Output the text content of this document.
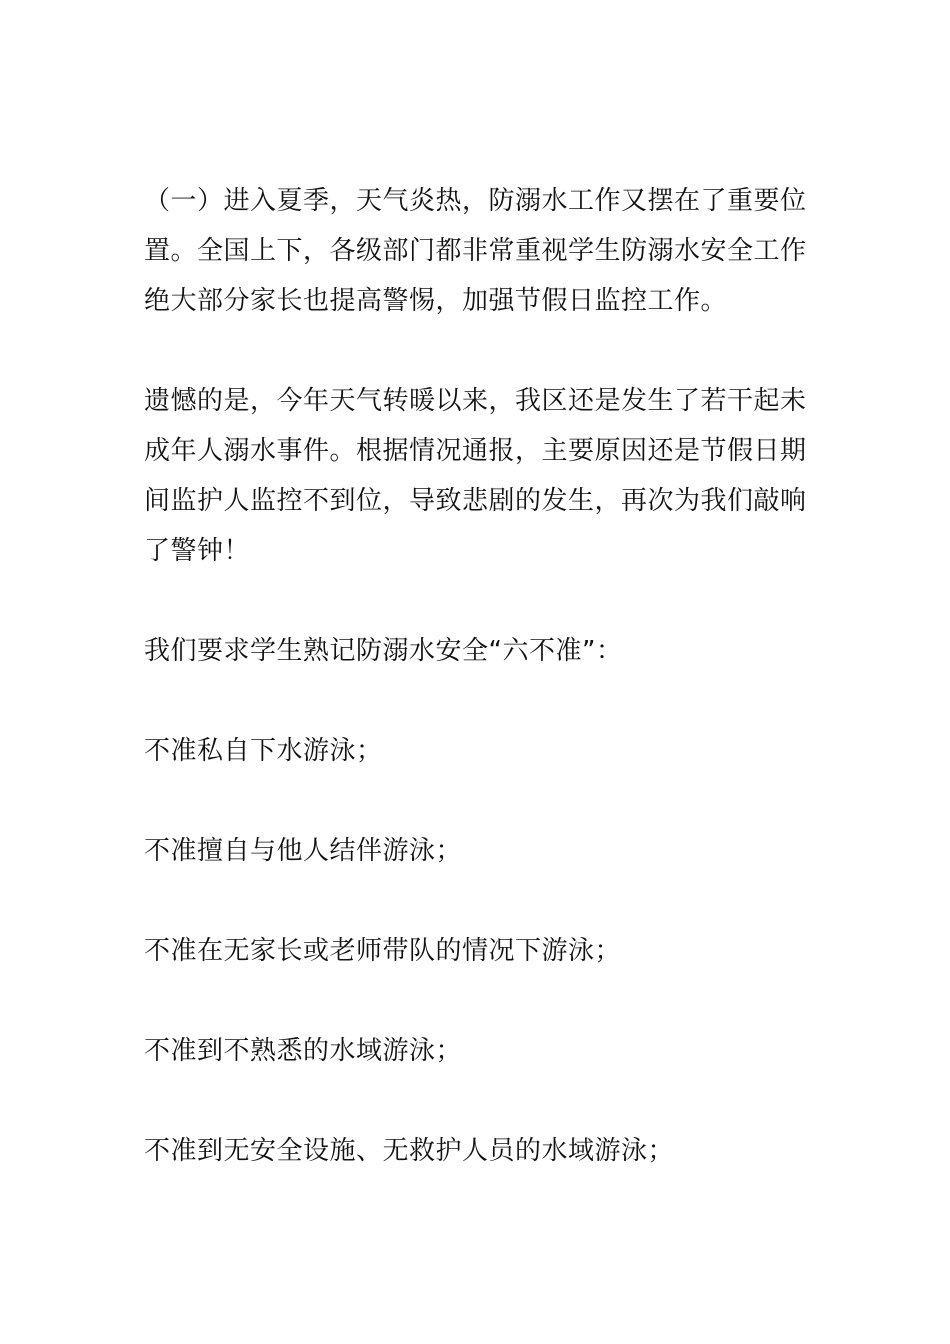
（一）进入夏季，天气炎热，防溺水工作又摆在了重要位

置。全国上下，各级部门都非常重视学生防溺水安全工作

绝大部分家长也提高警惕，加强节假日监控工作。

遗憾的是，今年天气转暖以来，我区还是发生了若干起未

成年人溺水事件。根据情况通报，主要原因还是节假日期

间监护人监控不到位，导致悲剧的发生，再次为我们敲响

了警钟！

我们要求学生熟记防溺水安全“六不准”：

不准私自下水游泳；

不准擅自与他人结伴游泳；

不准在无家长或老师带队的情况下游泳；

不准到不熟悉的水域游泳；

不准到无安全设施、无救护人员的水域游泳；
